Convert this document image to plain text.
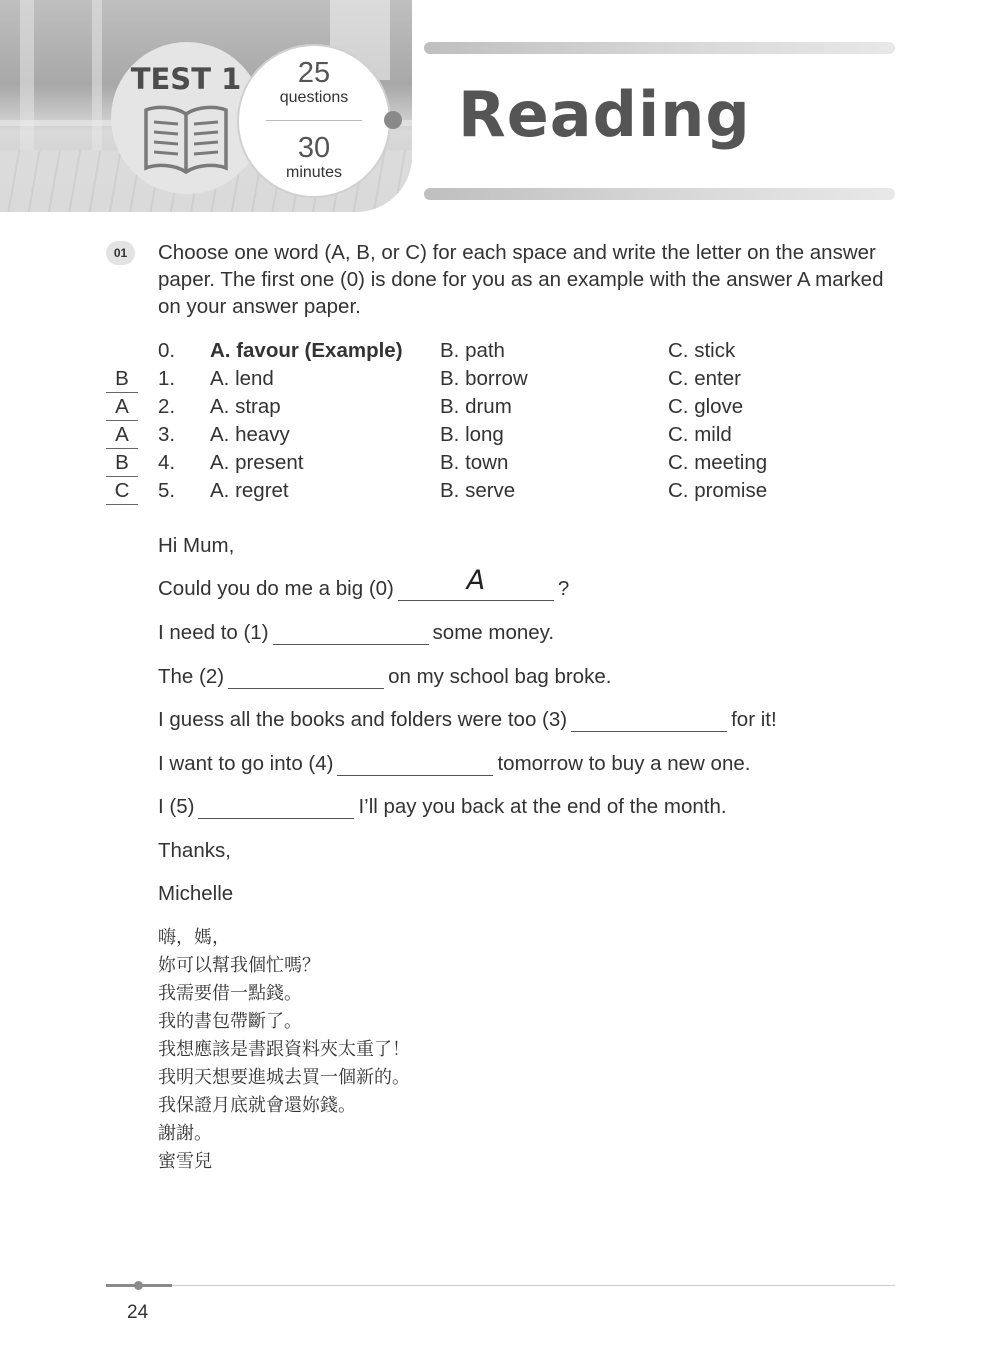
TEST 1	25
questions
30
minutes
Reading
01	Choose one word (A, B, or C) for each space and write the letter on the answer paper. The first one (0) is done for you as an example with the answer A marked on your answer paper.
0. A. favour (Example) B. path	C. stick
B	1. A. lend	B. borrow	C. enter
A	2. A. strap	B. drum	C. glove
A	3. A. heavy	B. long	C. mild
B	4. A. present	B. town	C. meeting
C	5. A. regret	B. serve	C. promise
Hi Mum,
Could you do me a big (0)	A	?
I need to (1)	some money.
The (2)	on my school bag broke.
I guess all the books and folders were too (3)	for it!
I want to go into (4)	tomorrow to buy a new one.
I (5)	I’ll pay you back at the end of the month.
Thanks,
Michelle
嗨，媽，
妳可以幫我個忙嗎？
我需要借一點錢。
我的書包帶斷了。
我想應該是書跟資料夾太重了！
我明天想要進城去買一個新的。
我保證月底就會還妳錢。
謝謝。
蜜雪兒
24
